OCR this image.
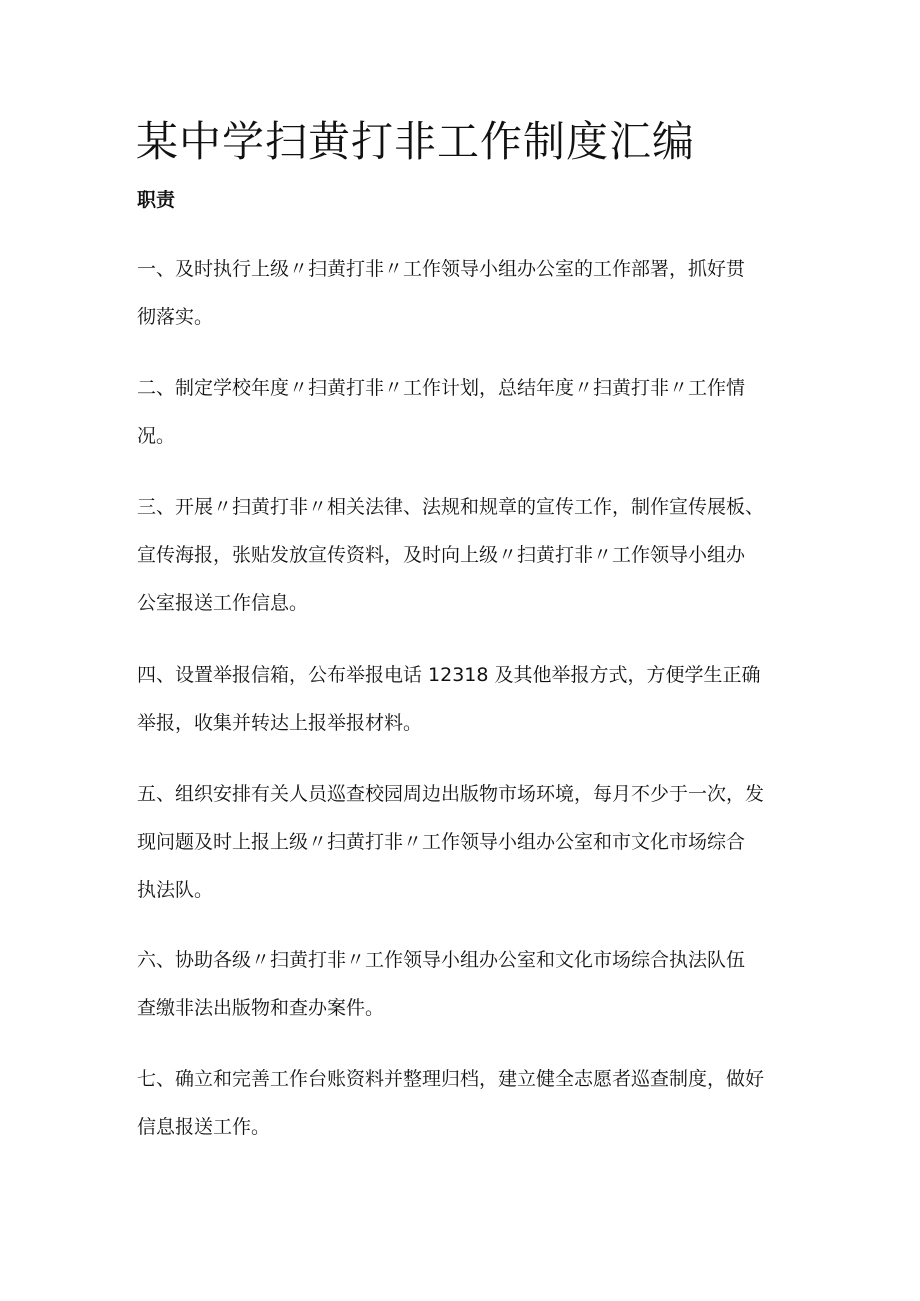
某中学扫黄打非工作制度汇编
职责
一、及时执行上级〃扫黄打非〃工作领导小组办公室的工作部署，抓好贯
彻落实。
二、制定学校年度〃扫黄打非〃工作计划，总结年度〃扫黄打非〃工作情
况。
三、开展〃扫黄打非〃相关法律、法规和规章的宣传工作，制作宣传展板、
宣传海报，张贴发放宣传资料，及时向上级〃扫黄打非〃工作领导小组办
公室报送工作信息。
四、设置举报信箱，公布举报电话 12318 及其他举报方式，方便学生正确
举报，收集并转达上报举报材料。
五、组织安排有关人员巡查校园周边出版物市场环境，每月不少于一次，发
现问题及时上报上级〃扫黄打非〃工作领导小组办公室和市文化市场综合
执法队。
六、协助各级〃扫黄打非〃工作领导小组办公室和文化市场综合执法队伍
查缴非法出版物和查办案件。
七、确立和完善工作台账资料并整理归档，建立健全志愿者巡查制度，做好
信息报送工作。
